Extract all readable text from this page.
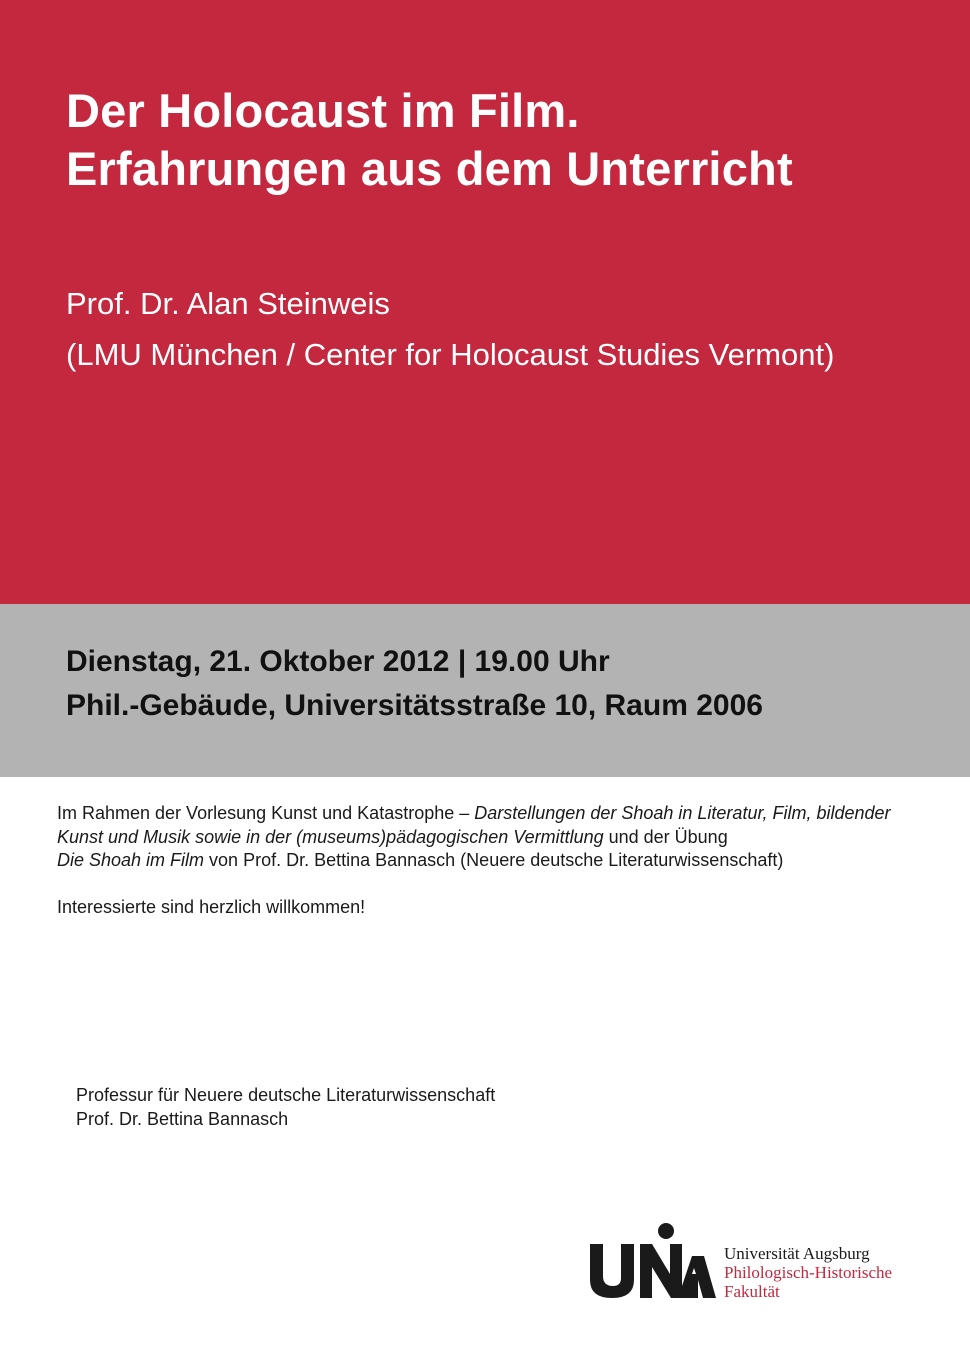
Der Holocaust im Film.
Erfahrungen aus dem Unterricht
Prof. Dr. Alan Steinweis
(LMU München / Center for Holocaust Studies Vermont)
Dienstag, 21. Oktober 2012 | 19.00 Uhr
Phil.-Gebäude, Universitätsstraße 10, Raum 2006

Im Rahmen der Vorlesung Kunst und Katastrophe – Darstellungen der Shoah in Literatur, Film, bildender Kunst und Musik sowie in der (museums)pädagogischen Vermittlung und der Übung
Die Shoah im Film von Prof. Dr. Bettina Bannasch (Neuere deutsche Literaturwissenschaft)

Interessierte sind herzlich willkommen!

Professur für Neuere deutsche Literaturwissenschaft
Prof. Dr. Bettina Bannasch
Universität Augsburg
Philologisch-Historische
Fakultät
